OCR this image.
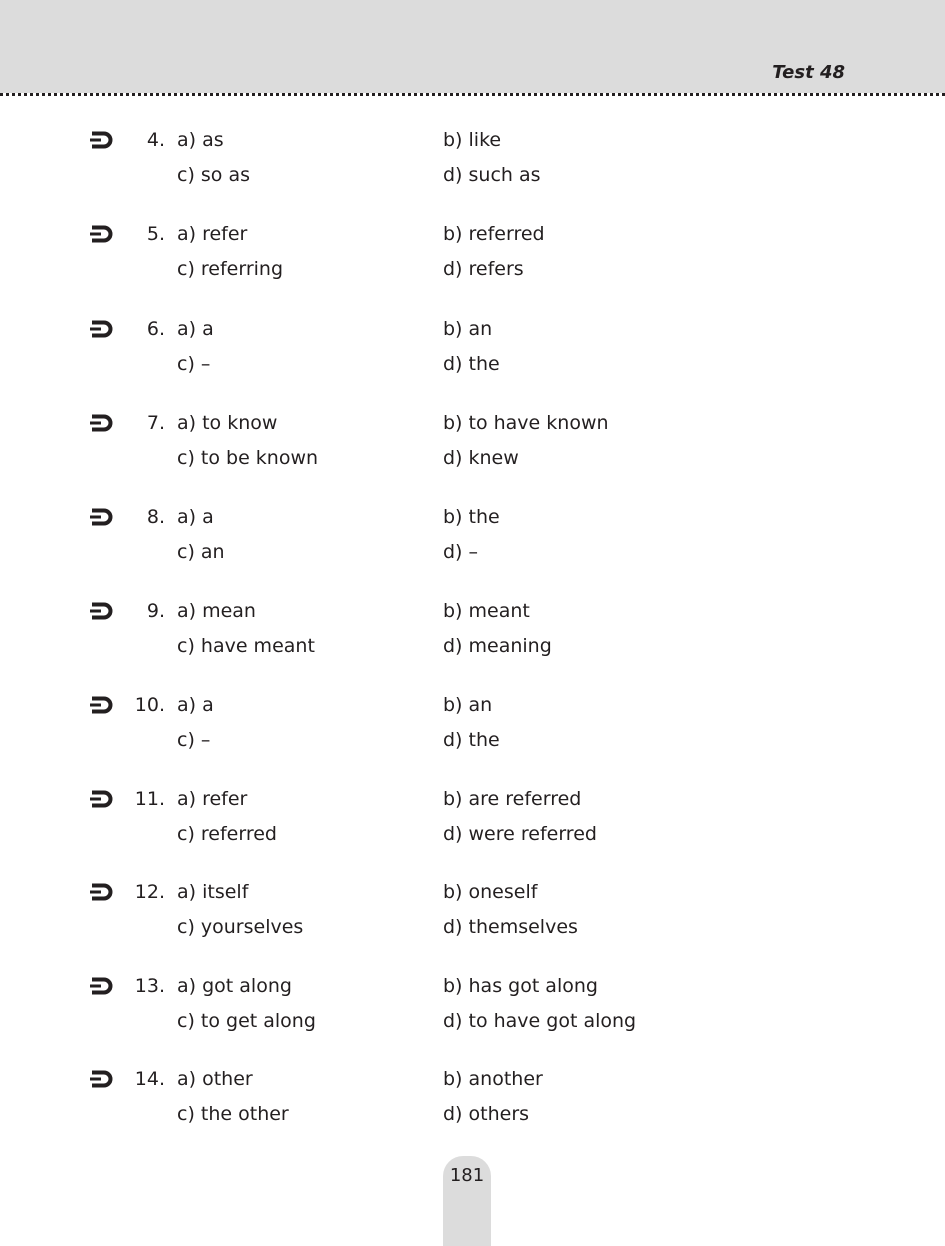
Test 48
4. a) as	b) like
c) so as	d) such as
5. a) refer	b) referred
c) referring	d) refers
6. a) a	b) an
c) –	d) the
7. a) to know	b) to have known
c) to be known	d) knew
8. a) a	b) the
c) an	d) –
9. a) mean	b) meant
c) have meant	d) meaning
10. a) a	b) an
c) –	d) the
11. a) refer	b) are referred
c) referred	d) were referred
12. a) itself	b) oneself
c) yourselves	d) themselves
13. a) got along	b) has got along
c) to get along	d) to have got along
14. a) other	b) another
c) the other	d) others
181
